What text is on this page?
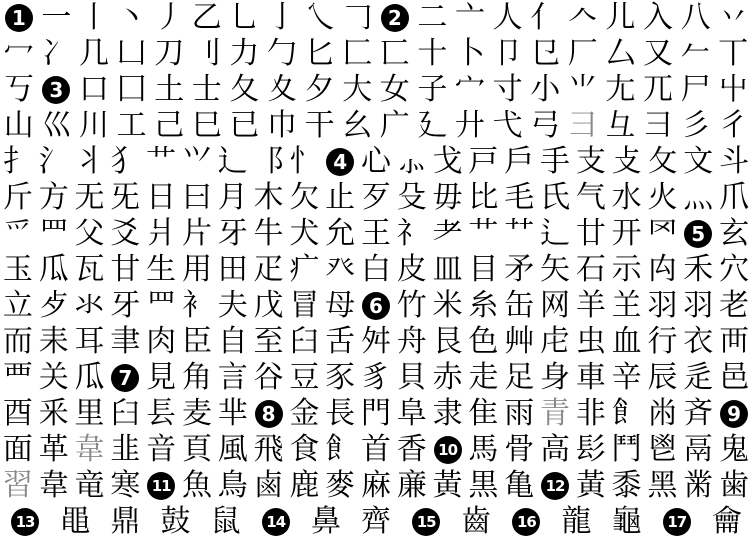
1 一 丨 丶 丿 乙 乚 亅 乀 𠃌 2 二 亠 人 亻 𠆢 儿 入 八 丷
冖 冫 几 凵 刀 刂 力 勹 匕 匚 匸 十 卜 卩 㔾 厂 厶 又 𠂉 丅
丂 3 口 囗 土 士 夂 夊 夕 大 女 子 宀 寸 小 ⺌ 尢 兀 尸 屮
山 巛 川 工 己 巳 已 巾 干 幺 广 廴 廾 弋 弓 彐 彑 ⺕ 彡 彳
⺘ ⺡ ⺦ ⺨ ⺾ ⺍ ⻌ ⻏ ⺖ 4 心 ⺗ 戈 戸 戶 手 支 攴 攵 文 斗
斤 方 无 旡 日 曰 月 木 欠 止 歹 殳 毋 比 毛 氏 气 水 火 灬 爪
爫 ⺲ 父 爻 爿 片 牙 牛 犬 允 王 礻 耂 ⺾ ⺿ ⻍ 廿 开 罓 5 玄
玉 瓜 瓦 甘 生 用 田 疋 疒 癶 白 皮 皿 目 矛 矢 石 示 禸 禾 穴
立 歺 氺 牙 罒 衤 夫 戊 冒 母 6 竹 米 糸 缶 网 羊 𦍌 羽 羽 老
而 耒 耳 聿 肉 臣 自 至 臼 舌 舛 舟 艮 色 艸 虍 虫 血 行 衣 襾
覀 关 瓜 7 見 角 言 谷 豆 豕 豸 貝 赤 走 足 身 車 辛 辰 辵 邑
酉 釆 里 臼 镸 麦 芈 8 金 長 門 阜 隶 隹 雨 青 非 飠 㡀 斉 9
面 革 韋 韭 音 頁 風 飛 食 飠 首 香 10 馬 骨 高 髟 鬥 鬯 鬲 鬼
習 韋 竜 寒 11 魚 鳥 鹵 鹿 麥 麻 亷 黃 黒 亀 12 黃 黍 黑 黹 歯
13 黽 鼎 鼓 鼠	14 鼻 齊	15 齒	16 龍 龜	17 龠
